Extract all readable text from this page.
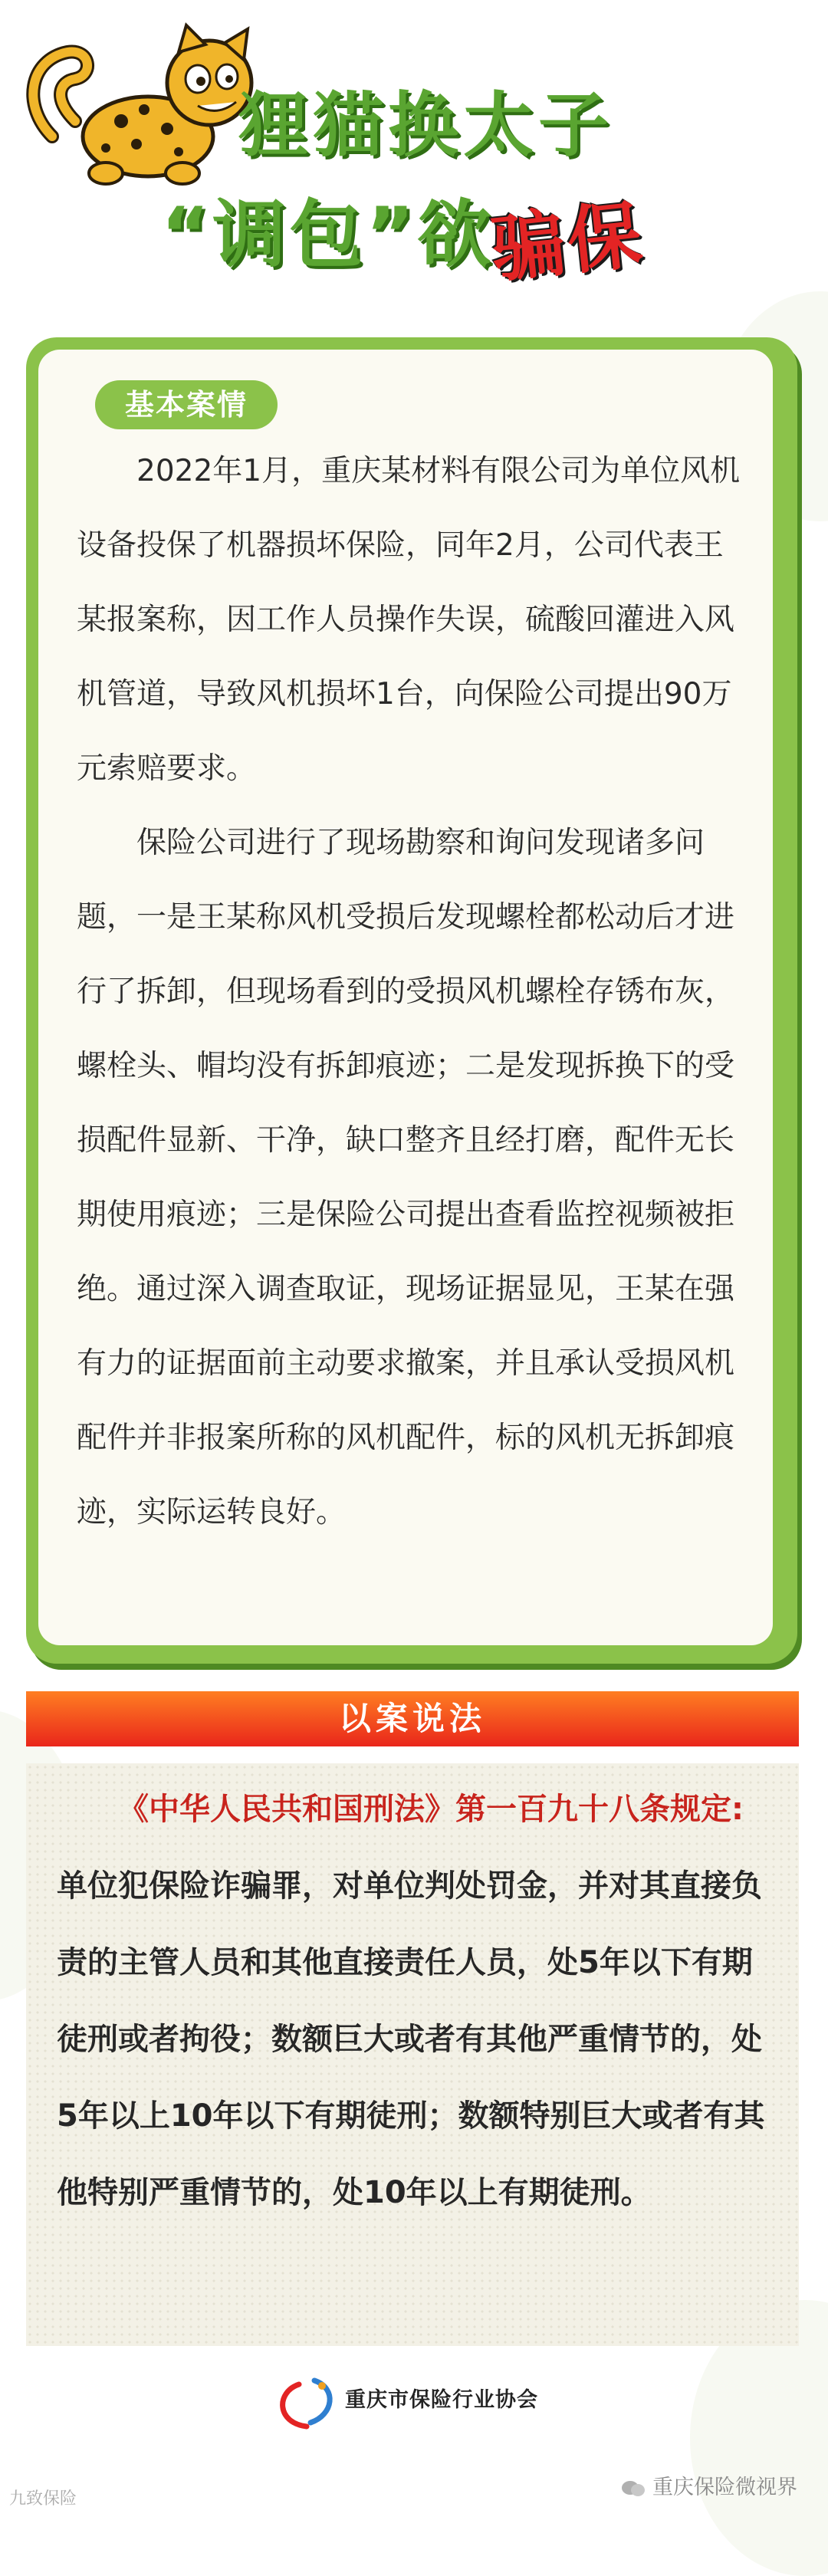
狸猫换太子
“调包”欲
骗保
基本案情

2022年1月，重庆某材料有限公司为单位风机设备投保了机器损坏保险，同年2月，公司代表王某报案称，因工作人员操作失误，硫酸回灌进入风机管道，导致风机损坏1台，向保险公司提出90万元索赔要求。

保险公司进行了现场勘察和询问发现诸多问题，一是王某称风机受损后发现螺栓都松动后才进行了拆卸，但现场看到的受损风机螺栓存锈布灰，螺栓头、帽均没有拆卸痕迹；二是发现拆换下的受损配件显新、干净，缺口整齐且经打磨，配件无长期使用痕迹；三是保险公司提出查看监控视频被拒绝。通过深入调查取证，现场证据显见，王某在强有力的证据面前主动要求撤案，并且承认受损风机配件并非报案所称的风机配件，标的风机无拆卸痕迹，实际运转良好。

以案说法
《中华人民共和国刑法》第一百九十八条规定:单位犯保险诈骗罪，对单位判处罚金，并对其直接负责的主管人员和其他直接责任人员，处5年以下有期徒刑或者拘役；数额巨大或者有其他严重情节的，处5年以上10年以下有期徒刑；数额特别巨大或者有其他特别严重情节的，处10年以上有期徒刑。
重庆市保险行业协会
重庆保险微视界
九致保险
